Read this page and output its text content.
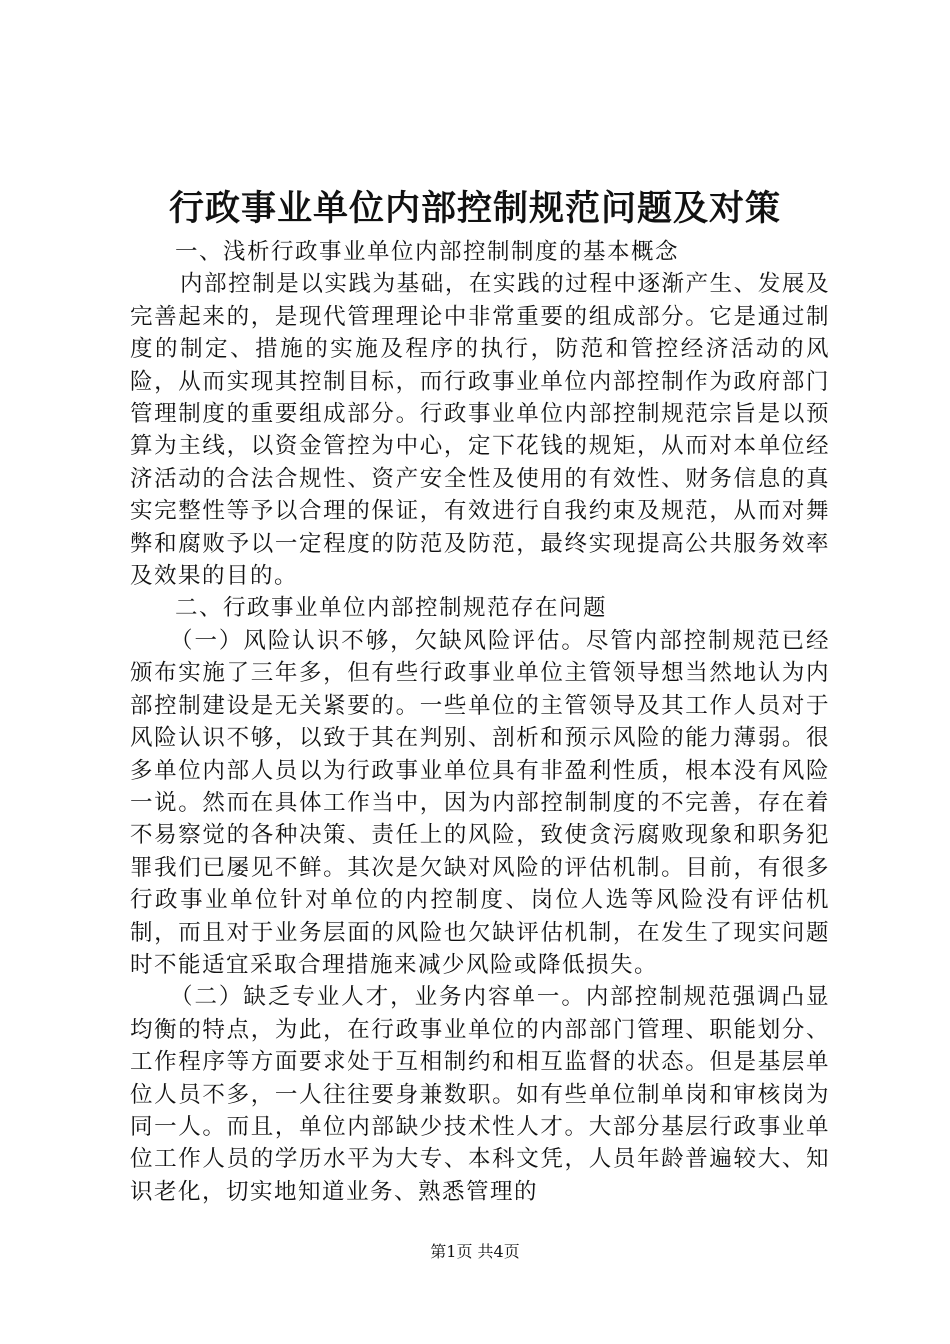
行政事业单位内部控制规范问题及对策

一、浅析行政事业单位内部控制制度的基本概念

内部控制是以实践为基础，在实践的过程中逐渐产生、发展及完善起来的，是现代管理理论中非常重要的组成部分。它是通过制度的制定、措施的实施及程序的执行，防范和管控经济活动的风险，从而实现其控制目标，而行政事业单位内部控制作为政府部门管理制度的重要组成部分。行政事业单位内部控制规范宗旨是以预算为主线，以资金管控为中心，定下花钱的规矩，从而对本单位经济活动的合法合规性、资产安全性及使用的有效性、财务信息的真实完整性等予以合理的保证，有效进行自我约束及规范，从而对舞弊和腐败予以一定程度的防范及防范，最终实现提高公共服务效率及效果的目的。

二、行政事业单位内部控制规范存在问题

（一）风险认识不够，欠缺风险评估。尽管内部控制规范已经颁布实施了三年多，但有些行政事业单位主管领导想当然地认为内部控制建设是无关紧要的。一些单位的主管领导及其工作人员对于风险认识不够，以致于其在判别、剖析和预示风险的能力薄弱。很多单位内部人员以为行政事业单位具有非盈利性质，根本没有风险一说。然而在具体工作当中，因为内部控制制度的不完善，存在着不易察觉的各种决策、责任上的风险，致使贪污腐败现象和职务犯罪我们已屡见不鲜。其次是欠缺对风险的评估机制。目前，有很多行政事业单位针对单位的内控制度、岗位人选等风险没有评估机制，而且对于业务层面的风险也欠缺评估机制，在发生了现实问题时不能适宜采取合理措施来减少风险或降低损失。

（二）缺乏专业人才，业务内容单一。内部控制规范强调凸显均衡的特点，为此，在行政事业单位的内部部门管理、职能划分、工作程序等方面要求处于互相制约和相互监督的状态。但是基层单位人员不多，一人往往要身兼数职。如有些单位制单岗和审核岗为同一人。而且，单位内部缺少技术性人才。大部分基层行政事业单位工作人员的学历水平为大专、本科文凭，人员年龄普遍较大、知识老化，切实地知道业务、熟悉管理的

第1页 共4页
